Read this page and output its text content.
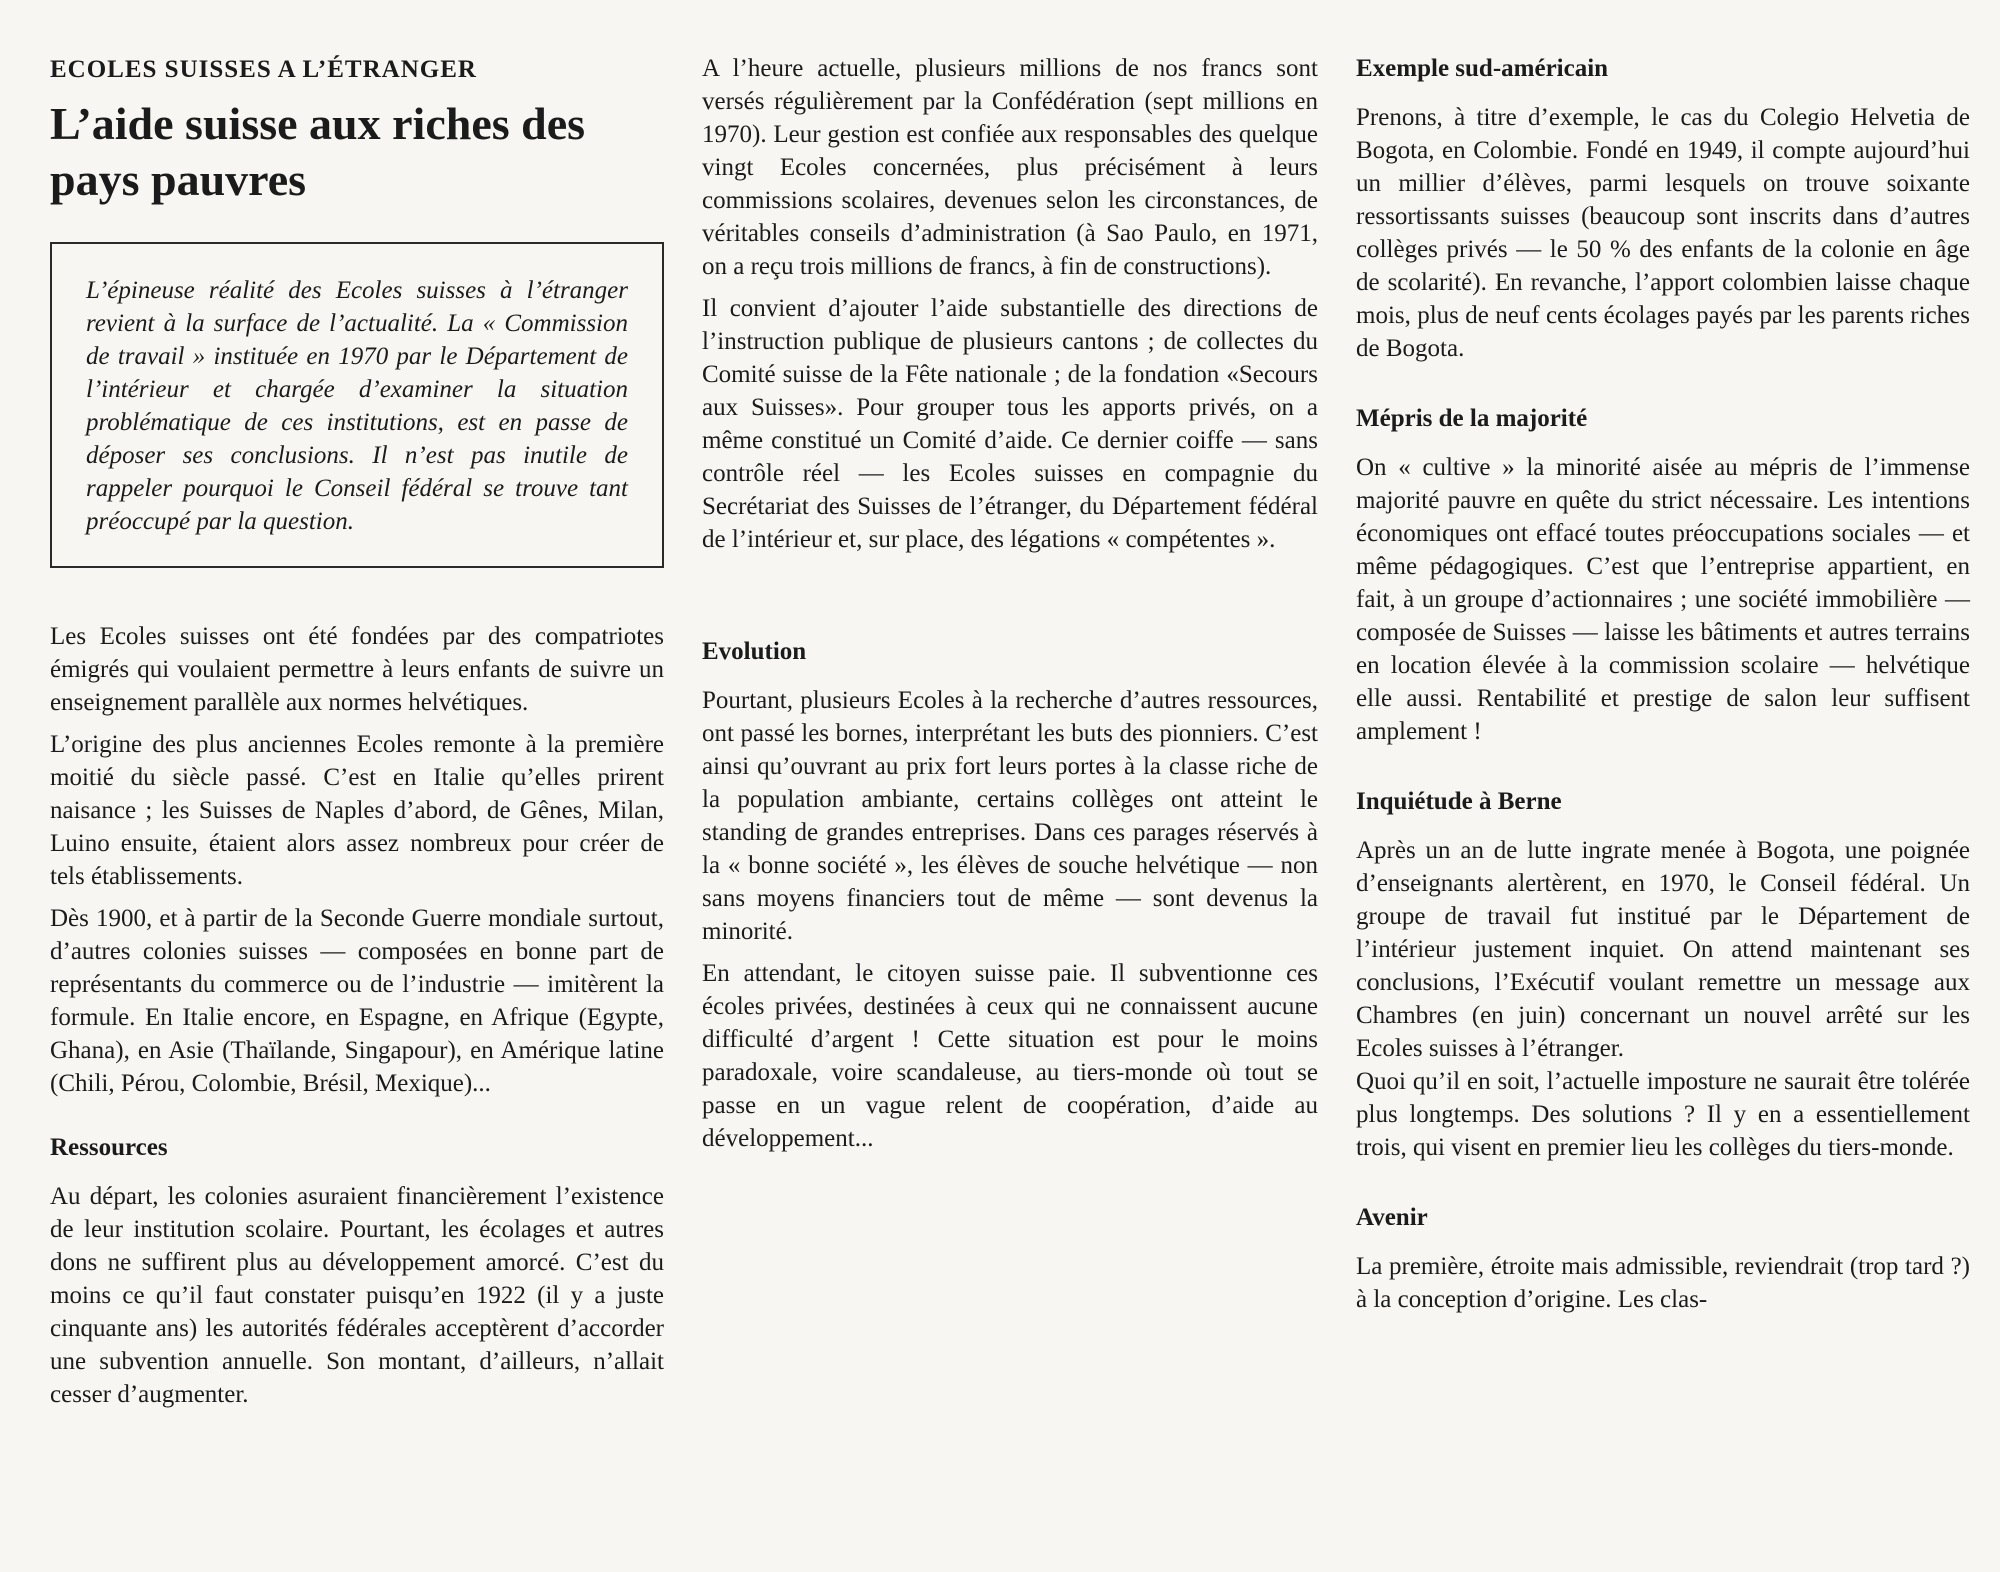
ECOLES SUISSES A L’ÉTRANGER
L’aide suisse aux riches des pays pauvres

L’épineuse réalité des Ecoles suisses à l’étranger revient à la surface de l’actualité. La « Commission de travail » instituée en 1970 par le Département de l’intérieur et chargée d’examiner la situation problématique de ces institutions, est en passe de déposer ses conclusions. Il n’est pas inutile de rappeler pourquoi le Conseil fédéral se trouve tant préoccupé par la question.

Les Ecoles suisses ont été fondées par des compatriotes émigrés qui voulaient permettre à leurs enfants de suivre un enseignement parallèle aux normes helvétiques.

L’origine des plus anciennes Ecoles remonte à la première moitié du siècle passé. C’est en Italie qu’elles prirent naisance ; les Suisses de Naples d’abord, de Gênes, Milan, Luino ensuite, étaient alors assez nombreux pour créer de tels établissements.

Dès 1900, et à partir de la Seconde Guerre mondiale surtout, d’autres colonies suisses — composées en bonne part de représentants du commerce ou de l’industrie — imitèrent la formule. En Italie encore, en Espagne, en Afrique (Egypte, Ghana), en Asie (Thaïlande, Singapour), en Amérique latine (Chili, Pérou, Colombie, Brésil, Mexique)...

Ressources

Au départ, les colonies asuraient financièrement l’existence de leur institution scolaire. Pourtant, les écolages et autres dons ne suffirent plus au développement amorcé. C’est du moins ce qu’il faut constater puisqu’en 1922 (il y a juste cinquante ans) les autorités fédérales acceptèrent d’accorder une subvention annuelle. Son montant, d’ailleurs, n’allait cesser d’augmenter.

A l’heure actuelle, plusieurs millions de nos francs sont versés régulièrement par la Confédération (sept millions en 1970). Leur gestion est confiée aux responsables des quelque vingt Ecoles concernées, plus précisément à leurs commissions scolaires, devenues selon les circonstances, de véritables conseils d’administration (à Sao Paulo, en 1971, on a reçu trois millions de francs, à fin de constructions).

Il convient d’ajouter l’aide substantielle des directions de l’instruction publique de plusieurs cantons ; de collectes du Comité suisse de la Fête nationale ; de la fondation «Secours aux Suisses». Pour grouper tous les apports privés, on a même constitué un Comité d’aide. Ce dernier coiffe — sans contrôle réel — les Ecoles suisses en compagnie du Secrétariat des Suisses de l’étranger, du Département fédéral de l’intérieur et, sur place, des légations « compétentes ».

Evolution

Pourtant, plusieurs Ecoles à la recherche d’autres ressources, ont passé les bornes, interprétant les buts des pionniers. C’est ainsi qu’ouvrant au prix fort leurs portes à la classe riche de la population ambiante, certains collèges ont atteint le standing de grandes entreprises. Dans ces parages réservés à la « bonne société », les élèves de souche helvétique — non sans moyens financiers tout de même — sont devenus la minorité.

En attendant, le citoyen suisse paie. Il subventionne ces écoles privées, destinées à ceux qui ne connaissent aucune difficulté d’argent ! Cette situation est pour le moins paradoxale, voire scandaleuse, au tiers-monde où tout se passe en un vague relent de coopération, d’aide au développement...

Exemple sud-américain

Prenons, à titre d’exemple, le cas du Colegio Helvetia de Bogota, en Colombie. Fondé en 1949, il compte aujourd’hui un millier d’élèves, parmi lesquels on trouve soixante ressortissants suisses (beaucoup sont inscrits dans d’autres collèges privés — le 50 % des enfants de la colonie en âge de scolarité). En revanche, l’apport colombien laisse chaque mois, plus de neuf cents écolages payés par les parents riches de Bogota.

Mépris de la majorité

On « cultive » la minorité aisée au mépris de l’immense majorité pauvre en quête du strict nécessaire. Les intentions économiques ont effacé toutes préoccupations sociales — et même pédagogiques. C’est que l’entreprise appartient, en fait, à un groupe d’actionnaires ; une société immobilière — composée de Suisses — laisse les bâtiments et autres terrains en location élevée à la commission scolaire — helvétique elle aussi. Rentabilité et prestige de salon leur suffisent amplement !

Inquiétude à Berne

Après un an de lutte ingrate menée à Bogota, une poignée d’enseignants alertèrent, en 1970, le Conseil fédéral. Un groupe de travail fut institué par le Département de l’intérieur justement inquiet. On attend maintenant ses conclusions, l’Exécutif voulant remettre un message aux Chambres (en juin) concernant un nouvel arrêté sur les Ecoles suisses à l’étranger.

Quoi qu’il en soit, l’actuelle imposture ne saurait être tolérée plus longtemps. Des solutions ? Il y en a essentiellement trois, qui visent en premier lieu les collèges du tiers-monde.

Avenir

La première, étroite mais admissible, reviendrait (trop tard ?) à la conception d’origine. Les clas-
